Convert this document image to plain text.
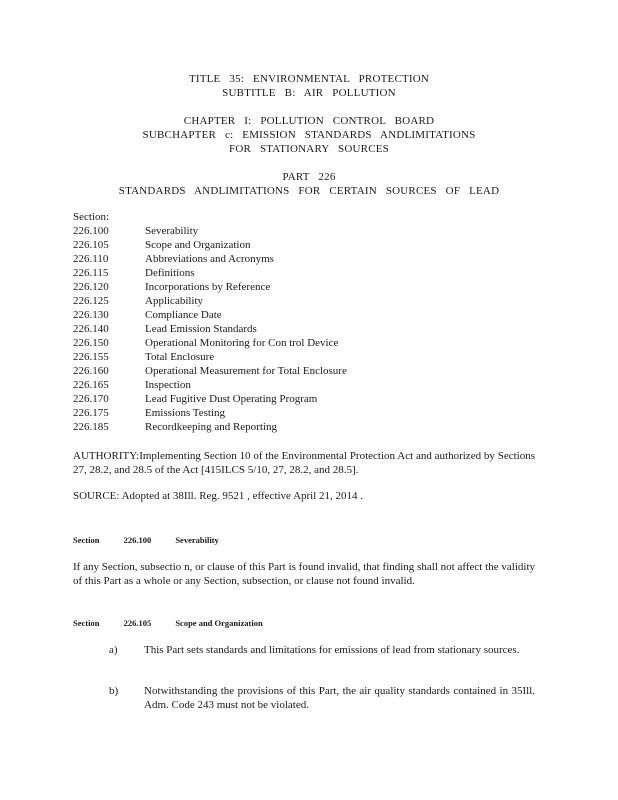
TITLE 35: ENVIRONMENTAL PROTECTION
SUBTITLE B: AIR POLLUTION
CHAPTER I: POLLUTION CONTROL BOARD
SUBCHAPTER c: EMISSION STANDARDS ANDLIMITATIONS
FOR STATIONARY SOURCES
PART 226
STANDARDS ANDLIMITATIONS FOR CERTAIN SOURCES OF LEAD
Section:
226.100	Severability
226.105	Scope and Organization
226.110	Abbreviations and Acronyms
226.115	Definitions
226.120	Incorporations by Reference
226.125	Applicability
226.130	Compliance Date
226.140	Lead Emission Standards
226.150	Operational Monitoring for Con trol Device
226.155	Total Enclosure
226.160	Operational Measurement for Total Enclosure
226.165	Inspection
226.170	Lead Fugitive Dust Operating Program
226.175	Emissions Testing
226.185	Recordkeeping and Reporting
AUTHORITY:Implementing Section 10 of the Environmental Protection Act and authorized by Sections 27, 28.2, and 28.5 of the Act [415ILCS 5/10, 27, 28.2, and 28.5].
SOURCE: Adopted at 38Ill. Reg. 9521 , effective April 21, 2014 .
Section	226.100	Severability
If any Section, subsectio n, or clause of this Part is found invalid, that finding shall not affect the validity of this Part as a whole or any Section, subsection, or clause not found invalid.
Section	226.105	Scope and Organization
a)	This Part sets standards and limitations for emissions of lead from stationary sources.
b)	Notwithstanding the provisions of this Part, the air quality standards contained in 35Ill. Adm. Code 243 must not be violated.
